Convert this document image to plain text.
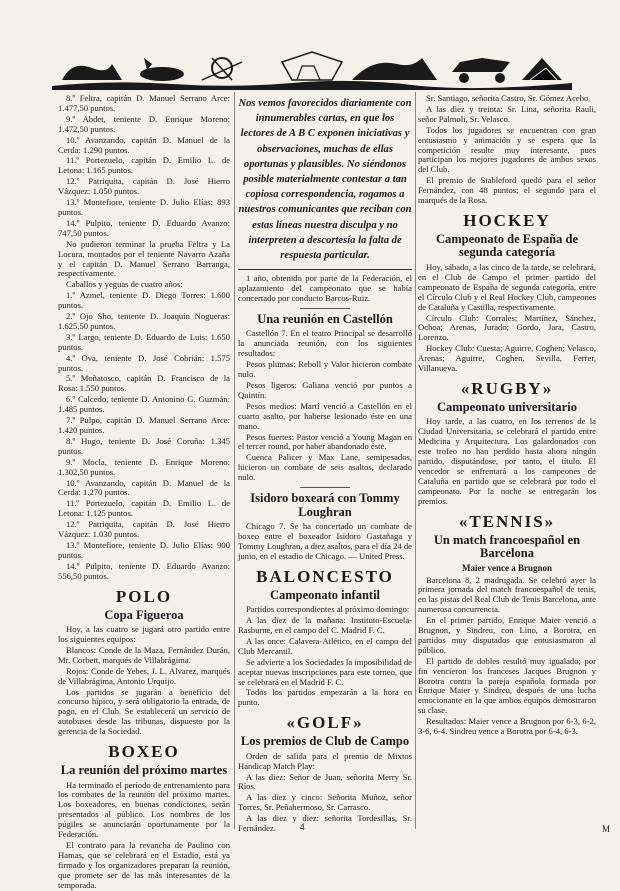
8.º Feltra, capitán D. Manuel Serrano Arce: 1.477,50 puntos.

9.º Abdet, teniente D. Enrique Moreno: 1.472,50 puntos.

10.º Avanzando, capitán D. Manuel de la Cerda: 1.290 puntos.

11.º Portezuelo, capitán D. Emilio L. de Letona: 1.165 puntos.

12.º Patriquita, capitán D. José Hierro Vázquez: 1.050 puntos.

13.º Montefiore, teniente D. Julio Elías: 893 puntos.

14.º Pulpito, teniente D. Eduardo Avanzo: 747,50 puntos.

No pudieron terminar la prueba Feltra y La Locura, montados por el teniente Navarro Azaña y el capitán D. Manuel Serrano Barranga, respectivamente.

Caballos y yeguas de cuatro años:

1.º Azmel, teniente D. Diego Torres: 1.600 puntos.

2.º Ojo Sho, teniente D. Joaquín Nogueras: 1.625,50 puntos.

3.º Largo, teniente D. Eduardo de Luis: 1.650 puntos.

4.º Ova, teniente D. José Cobrián: 1.575 puntos.

5.º Moñatosco, capitán D. Francisco de la Rosa: 1.550 puntos.

6.º Calcedo, teniente D. Antonino G. Guzmán: 1.485 puntos.

7.º Pulpo, capitán D. Manuel Serrano Arce: 1.420 puntos.

8.º Hugo, teniente D. José Coruña: 1.345 puntos.

9.º Mocla, teniente D. Enrique Moreno: 1.302,50 puntos.

10.º Avanzando, capitán D. Manuel de la Cerda: 1.270 puntos.

11.º Portezuelo, capitán D. Emilio L. de Letona: 1.125 puntos.

12.º Patriquita, capitán D. José Hierro Vázquez: 1.030 puntos.

13.º Montefiore, teniente D. Julio Elías: 900 puntos.

14.º Pulpito, teniente D. Eduardo Avanzo: 556,50 puntos.

POLO
Copa Figueroa

Hoy, a las cuatro se jugará otro partido entre los siguientes equipos:

Blancos: Conde de la Maza, Fernández Durán, Mr. Corbett, marqués de Villabrágima.

Rojos: Conde de Yebes, J. L. Alvarez, marqués de Villabrágima, Antonio Urquijo.

Los partidos se jugarán a beneficio del concurso hípico, y será obligatorio la entrada, de pago, en el Club. Se establecerá un servicio de autobuses desde las tribunas, dispuesto por la gerencia de la Sociedad.

BOXEO
La reunión del próximo martes

Ha terminado el período de entrenamiento para los combates de la reunión del próximo martes. Los boxeadores, en buenas condiciones, serán presentados al público. Los nombres de los púgiles se anunciarán oportunamente por la Federación.

El contrato para la revancha de Paulino con Hamas, que se celebrará en el Estadio, está ya firmado y los organizadores preparan la reunión, que promete ser de las más interesantes de la temporada.

Nos vemos favorecidos diariamente con innumerables cartas, en que los lectores de A B C exponen iniciativas y observaciones, muchas de ellas oportunas y plausibles. No siéndonos posible materialmente contestar a tan copiosa correspondencia, rogamos a nuestros comunicantes que reciban con estas líneas nuestra disculpa y no interpreten a descortesía la falta de respuesta particular.

1 año, obtenido por parte de la Federación, el aplazamiento del campeonato que se había concertado por conducto Barcos-Ruiz.

Una reunión en Castellón

Castellón 7. En el teatro Principal se desarrolló la anunciada reunión, con los siguientes resultados:

Pesos plumas: Reboll y Valor hicieron combate nulo.

Pesos ligeros: Galiana venció por puntos a Quintín.

Pesos medios: Martí venció a Castellón en el cuarto asalto, por haberse lesionado éste en una mano.

Pesos fuertes: Pastor venció a Young Magan en el tercer round, por haber abandonado éste.

Cuenca Palicer y Max Lane, semipesados, hicieron un combate de seis asaltos, declarado nulo.

Isidoro boxeará con Tommy Loughran

Chicago 7. Se ha concertado un combate de boxeo entre el boxeador Isidoro Gastañaga y Tommy Loughran, a diez asaltos, para el día 24 de junio, en el estadio de Chicago. — United Press.

BALONCESTO
Campeonato infantil

Partidos correspondientes al próximo domingo:

A las diez de la mañana: Instituto-Escuela-Rasburne, en el campo del C. Madrid F. C.

A las once: Calavera-Atlético, en el campo del Club Mercantil.

Se advierte a los Sociedades la imposibilidad de aceptar nuevas inscripciones para este torneo, que se celebrará en el Madrid F. C.

Todos los partidos empezarán a la hora en punto.

«GOLF»
Los premios de Club de Campo

Orden de salida para el premio de Mixtos Handicap Match Play:

A las diez: Señor de Juan, señorita Merry Sr. Ríos.

A las diez y cinco: Señorita Muñoz, señor Torres, Sr. Peñahermoso, Sr. Carrasco.

A las diez y diez: señorita Tordesillas, Sr. Fernández.

Sr. Santiago, señorita Castro, Sr. Gómez Acebo.

A las diez y treinta: Sr. Lina, señorita Rauli, señor Palmoli, Sr. Velasco.

Todos los jugadores se encuentran con gran entusiasmo y animación y se espera que la competición resulte muy interesante, pues participan los mejores jugadores de ambos sexos del Club.

El premio de Stableford quedó para el señor Fernández, con 48 puntos; el segundo para el marqués de la Rosa.

HOCKEY
Campeonato de España de segunda categoría

Hoy, sábado, a las cinco de la tarde, se celebrará, en el Club de Campo el primer partido del campeonato de España de segunda categoría, entre el Círculo Club y el Real Hockey Club, campeones de Cataluña y Castilla, respectivamente.

Círculo Club: Corrales; Martínez, Sánchez, Ochoa; Arenas, Jurado; Gordo, Jara, Castro, Lorenzo.

Hockey Club: Cuesta; Aguirre, Coghen; Velasco, Arenas; Aguirre, Coghen, Sevilla, Ferrer, Villanueva.

«RUGBY»
Campeonato universitario

Hoy tarde, a las cuatro, en los terrenos de la Ciudad Universitaria, se celebrará el partido entre Medicina y Arquitectura. Los galardonados con este trofeo no han perdido hasta ahora ningún partido, disputándose, por tanto, el título. El vencedor se enfrentará a los campeones de Cataluña en partido que se celebrará por todo el campeonato. Por la noche se entregarán los premios.

«TENNIS»
Un match francoespañol en Barcelona
Maier vence a Brugnon

Barcelona 8, 2 madrugada. Se celebró ayer la primera jornada del match francoespañol de tenis, en las pistas del Real Club de Tenis Barcelona, ante numerosa concurrencia.

En el primer partido, Enrique Maier venció a Brugnon, y Sindreu, con Lino, a Borotra, en partidos muy disputados que entusiasmaron al público.

El partido de dobles resultó muy igualado; por fin vencieron los franceses Jacques Brugnon y Borotra contra la pareja española formada por Enrique Maier y Sindreu, después de una lucha emocionante en la que ambos equipos demostraron su clase.

Resultados: Maier vence a Brugnon por 6-3, 6-2, 3-6, 6-4. Sindreu vence a Borotra por 6-4, 6-3.

4	M
